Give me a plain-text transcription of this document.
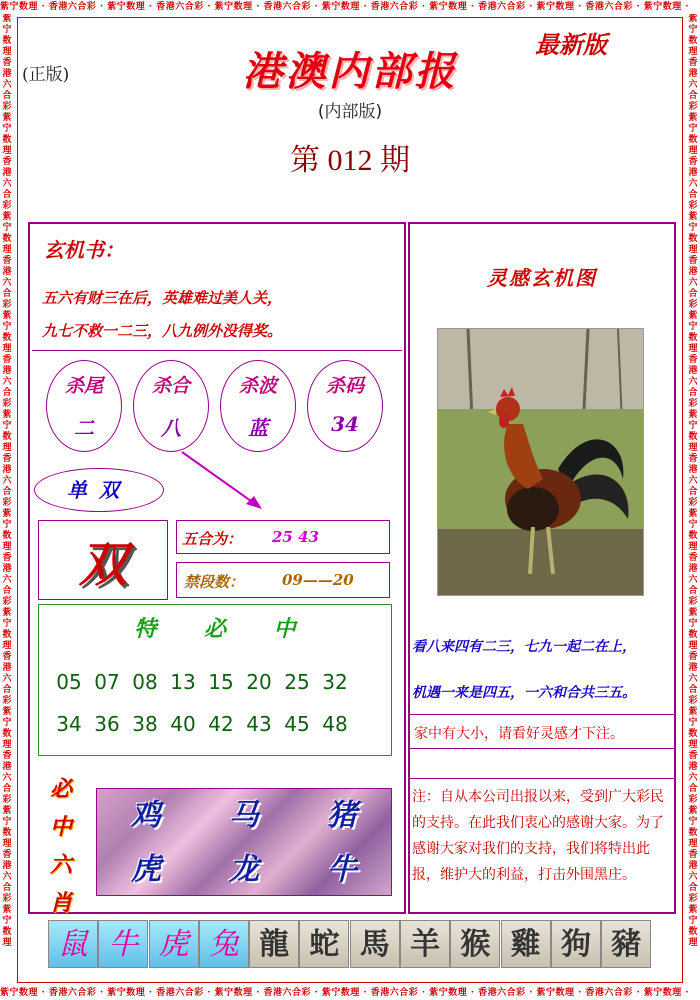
紫宁数理 · 香港六合彩 · 紫宁数理 · 香港六合彩 · 紫宁数理 · 香港六合彩 · 紫宁数理 · 香港六合彩 · 紫宁数理 · 香港六合彩 · 紫宁数理 · 香港六合彩 · 紫宁数理 ·
紫宁数理 · 香港六合彩 · 紫宁数理 · 香港六合彩 · 紫宁数理 · 香港六合彩 · 紫宁数理 · 香港六合彩 · 紫宁数理 · 香港六合彩 · 紫宁数理 · 香港六合彩 · 紫宁数理 ·
紫宁数理香港六合彩紫宁数理香港六合彩紫宁数理香港六合彩紫宁数理香港六合彩紫宁数理香港六合彩紫宁数理香港六合彩紫宁数理香港六合彩紫宁数理香港六合彩紫宁数理香港六合彩紫宁数理
紫宁数理香港六合彩紫宁数理香港六合彩紫宁数理香港六合彩紫宁数理香港六合彩紫宁数理香港六合彩紫宁数理香港六合彩紫宁数理香港六合彩紫宁数理香港六合彩紫宁数理香港六合彩紫宁数理
(正版)
最新版
港澳内部报
(内部版)
第 012 期
玄机书：
五六有财三在后，英雄难过美人关，
九七不救一二三，八九例外没得奖。
杀尾
二
杀合
八
杀波
蓝
杀码
34
单双
双	五合为： 25 43
禁段数：	09——20
特 必 中
05 07 08 13 15 20 25 32
34 36 38 40 42 43 45 48
必
中
六
肖
鸡	马	猪
虎	龙	牛
灵感玄机图
看八来四有二三，七九一起二在上，
机遇一来是四五，一六和合共三五。
家中有大小，请看好灵感才下注。
注：自从本公司出报以来，受到广大彩民的支持。在此我们衷心的感谢大家。为了感谢大家对我们的支持，我们将特出此报，维护大的利益，打击外围黑庄。
鼠 牛 虎 兔 龍 蛇 馬 羊 猴 雞 狗 豬
